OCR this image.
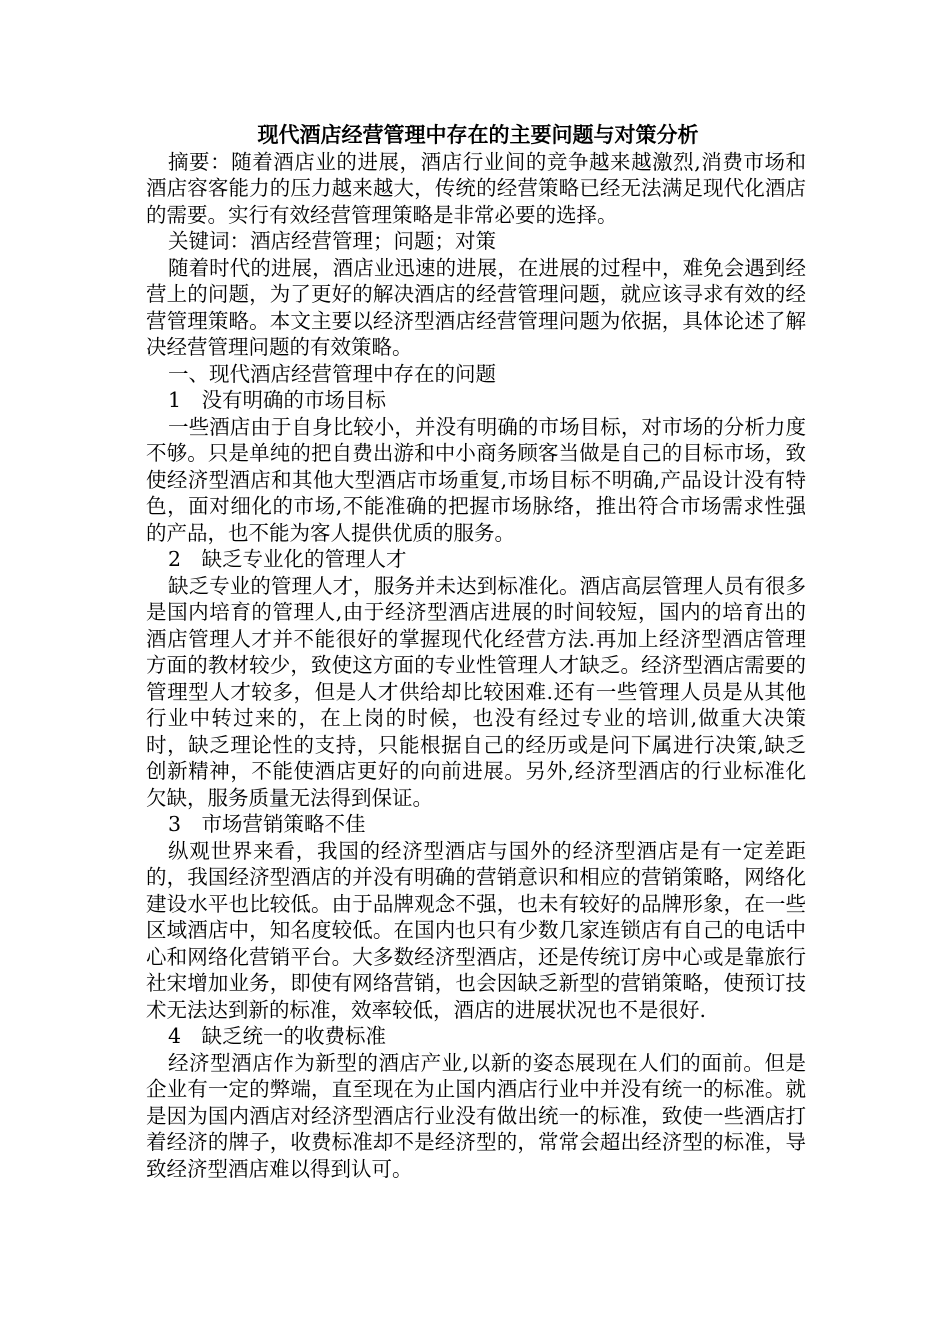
现代酒店经营管理中存在的主要问题与对策分析

摘要：随着酒店业的进展，酒店行业间的竞争越来越激烈,消费市场和酒店容客能力的压力越来越大，传统的经营策略已经无法满足现代化酒店的需要。实行有效经营管理策略是非常必要的选择。

关键词：酒店经营管理；问题；对策

随着时代的进展，酒店业迅速的进展，在进展的过程中，难免会遇到经营上的问题，为了更好的解决酒店的经营管理问题，就应该寻求有效的经营管理策略。本文主要以经济型酒店经营管理问题为依据，具体论述了解决经营管理问题的有效策略。

一、现代酒店经营管理中存在的问题

1　没有明确的市场目标

一些酒店由于自身比较小，并没有明确的市场目标，对市场的分析力度不够。只是单纯的把自费出游和中小商务顾客当做是自己的目标市场，致使经济型酒店和其他大型酒店市场重复,市场目标不明确,产品设计没有特色，面对细化的市场,不能准确的把握市场脉络，推出符合市场需求性强的产品，也不能为客人提供优质的服务。

2　缺乏专业化的管理人才

缺乏专业的管理人才，服务并未达到标准化。酒店高层管理人员有很多是国内培育的管理人,由于经济型酒店进展的时间较短，国内的培育出的酒店管理人才并不能很好的掌握现代化经营方法.再加上经济型酒店管理方面的教材较少，致使这方面的专业性管理人才缺乏。经济型酒店需要的管理型人才较多，但是人才供给却比较困难.还有一些管理人员是从其他行业中转过来的，在上岗的时候，也没有经过专业的培训,做重大决策时，缺乏理论性的支持，只能根据自己的经历或是问下属进行决策,缺乏创新精神，不能使酒店更好的向前进展。另外,经济型酒店的行业标准化欠缺，服务质量无法得到保证。

3　市场营销策略不佳

纵观世界来看，我国的经济型酒店与国外的经济型酒店是有一定差距的，我国经济型酒店的并没有明确的营销意识和相应的营销策略，网络化建设水平也比较低。由于品牌观念不强，也未有较好的品牌形象，在一些区域酒店中，知名度较低。在国内也只有少数几家连锁店有自己的电话中心和网络化营销平台。大多数经济型酒店，还是传统订房中心或是靠旅行社宋增加业务，即使有网络营销，也会因缺乏新型的营销策略，使预订技术无法达到新的标准，效率较低，酒店的进展状况也不是很好.

4　缺乏统一的收费标准

经济型酒店作为新型的酒店产业,以新的姿态展现在人们的面前。但是企业有一定的弊端，直至现在为止国内酒店行业中并没有统一的标准。就是因为国内酒店对经济型酒店行业没有做出统一的标准，致使一些酒店打着经济的牌子，收费标准却不是经济型的，常常会超出经济型的标准，导致经济型酒店难以得到认可。
